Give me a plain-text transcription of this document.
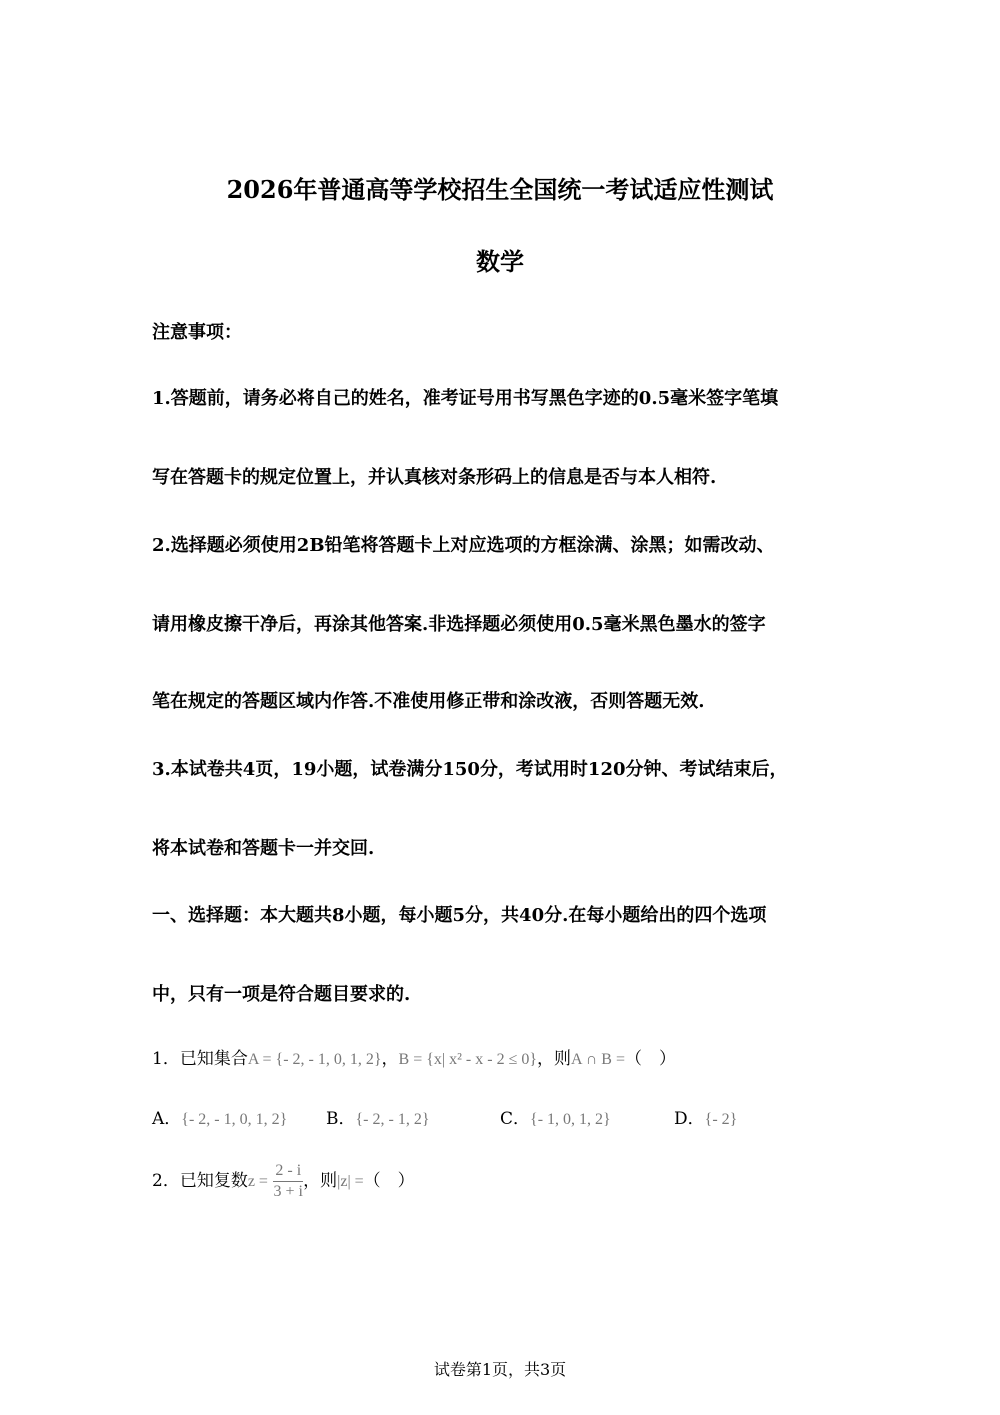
2026年普通高等学校招生全国统一考试适应性测试
数学
注意事项：
1.答题前，请务必将自己的姓名，准考证号用书写黑色字迹的0.5毫米签字笔填
写在答题卡的规定位置上，并认真核对条形码上的信息是否与本人相符.
2.选择题必须使用2B铅笔将答题卡上对应选项的方框涂满、涂黑；如需改动、
请用橡皮擦干净后，再涂其他答案.非选择题必须使用0.5毫米黑色墨水的签字
笔在规定的答题区域内作答.不准使用修正带和涂改液，否则答题无效.
3.本试卷共4页，19小题，试卷满分150分，考试用时120分钟、考试结束后，
将本试卷和答题卡一并交回.
一、选择题：本大题共8小题，每小题5分，共40分.在每小题给出的四个选项
中，只有一项是符合题目要求的.
1．已知集合A = {- 2, - 1, 0, 1, 2}，B = {x| x² - x - 2 ≤ 0}，则A ∩ B =（　）
A．{- 2, - 1, 0, 1, 2} B．{- 2, - 1, 2}	C．{- 1, 0, 1, 2}	D．{- 2}
2．已知复数$z = \frac{2 - i}{3 + i}$ ，则|z| =（　）
试卷第1页，共3页
